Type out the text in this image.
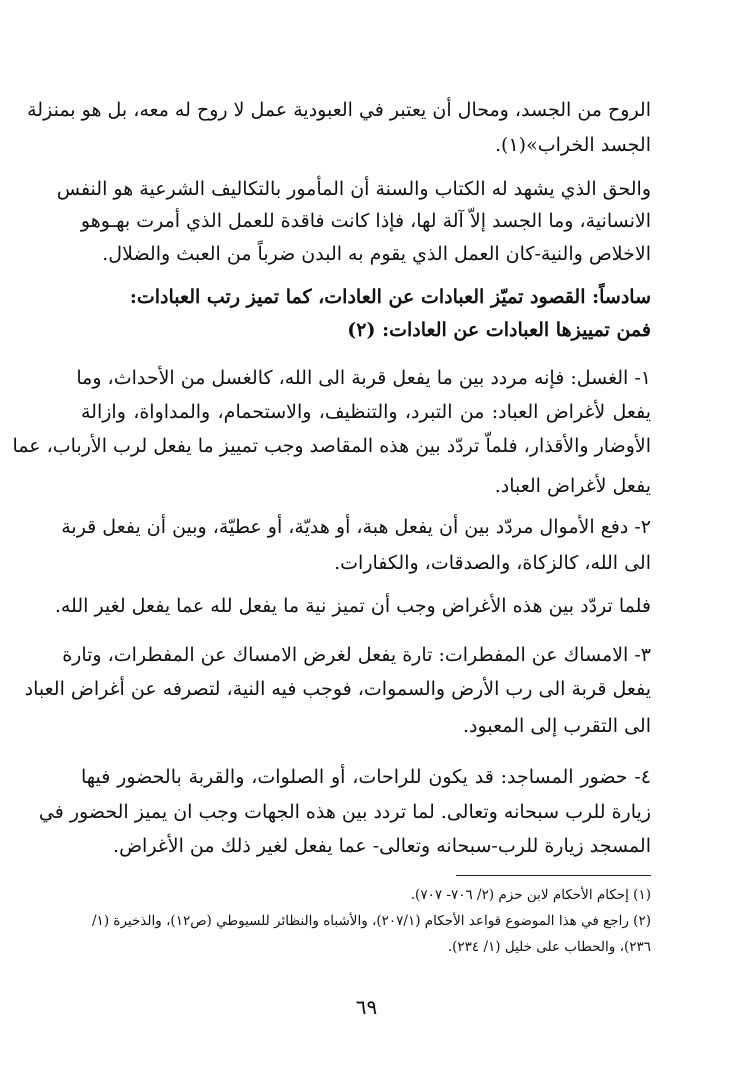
الروح من الجسد، ومحال أن يعتبر في العبودية عمل لا روح له معه، بل هو بمنزلة
الجسد الخراب»(١).
والحق الذي يشهد له الكتاب والسنة أن المأمور بالتكاليف الشرعية هو النفس
الانسانية، وما الجسد إلاّ آلة لها، فإذا كانت فاقدة للعمل الذي أمرت بهـوهو
الاخلاص والنية-كان العمل الذي يقوم به البدن ضرباً من العبث والضلال.
سادساً: القصود تميّز العبادات عن العادات، كما تميز رتب العبادات:
فمن تمييزها العبادات عن العادات: (٢)
١- الغسل: فإنه مردد بين ما يفعل قربة الى الله، كالغسل من الأحداث، وما
يفعل لأغراض العباد: من التبرد، والتنظيف، والاستحمام، والمداواة، وازالة
الأوضار والأقذار، فلماّ تردّد بين هذه المقاصد وجب تمييز ما يفعل لرب الأرباب، عما
يفعل لأغراض العباد.
٢- دفع الأموال مردّد بين أن يفعل هبة، أو هديّة، أو عطيّة، وبين أن يفعل قربة
الى الله، كالزكاة، والصدقات، والكفارات.
فلما تردّد بين هذه الأغراض وجب أن تميز نية ما يفعل لله عما يفعل لغير الله.
٣- الامساك عن المفطرات: تارة يفعل لغرض الامساك عن المفطرات، وتارة
يفعل قربة الى رب الأرض والسموات، فوجب فيه النية، لتصرفه عن أغراض العباد
الى التقرب إلى المعبود.
٤- حضور المساجد: قد يكون للراحات، أو الصلوات، والقربة بالحضور فيها
زيارة للرب سبحانه وتعالى. لما تردد بين هذه الجهات وجب ان يميز الحضور في
المسجد زيارة للرب-سبحانه وتعالى- عما يفعل لغير ذلك من الأغراض.
(١) إحكام الأحكام لابن حزم (٢/ ٧٠٦- ٧٠٧).
(٢) راجع في هذا الموضوع قواعد الأحكام (٢٠٧/١)، والأشباه والنظائر للسيوطي (ص١٢)، والذخيرة (١/
٢٣٦)، والحطاب على خليل (١/ ٢٣٤).
٦٩
